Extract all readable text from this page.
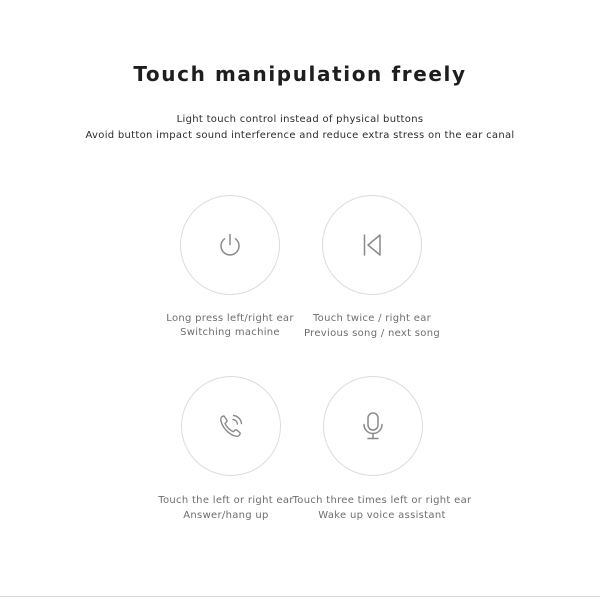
Touch manipulation freely
Light touch control instead of physical buttons
Avoid button impact sound interference and reduce extra stress on the ear canal
Long press left/right ear
Switching machine
Touch twice / right ear
Previous song / next song
Touch the left or right ear
Answer/hang up
Touch three times left or right ear
Wake up voice assistant
